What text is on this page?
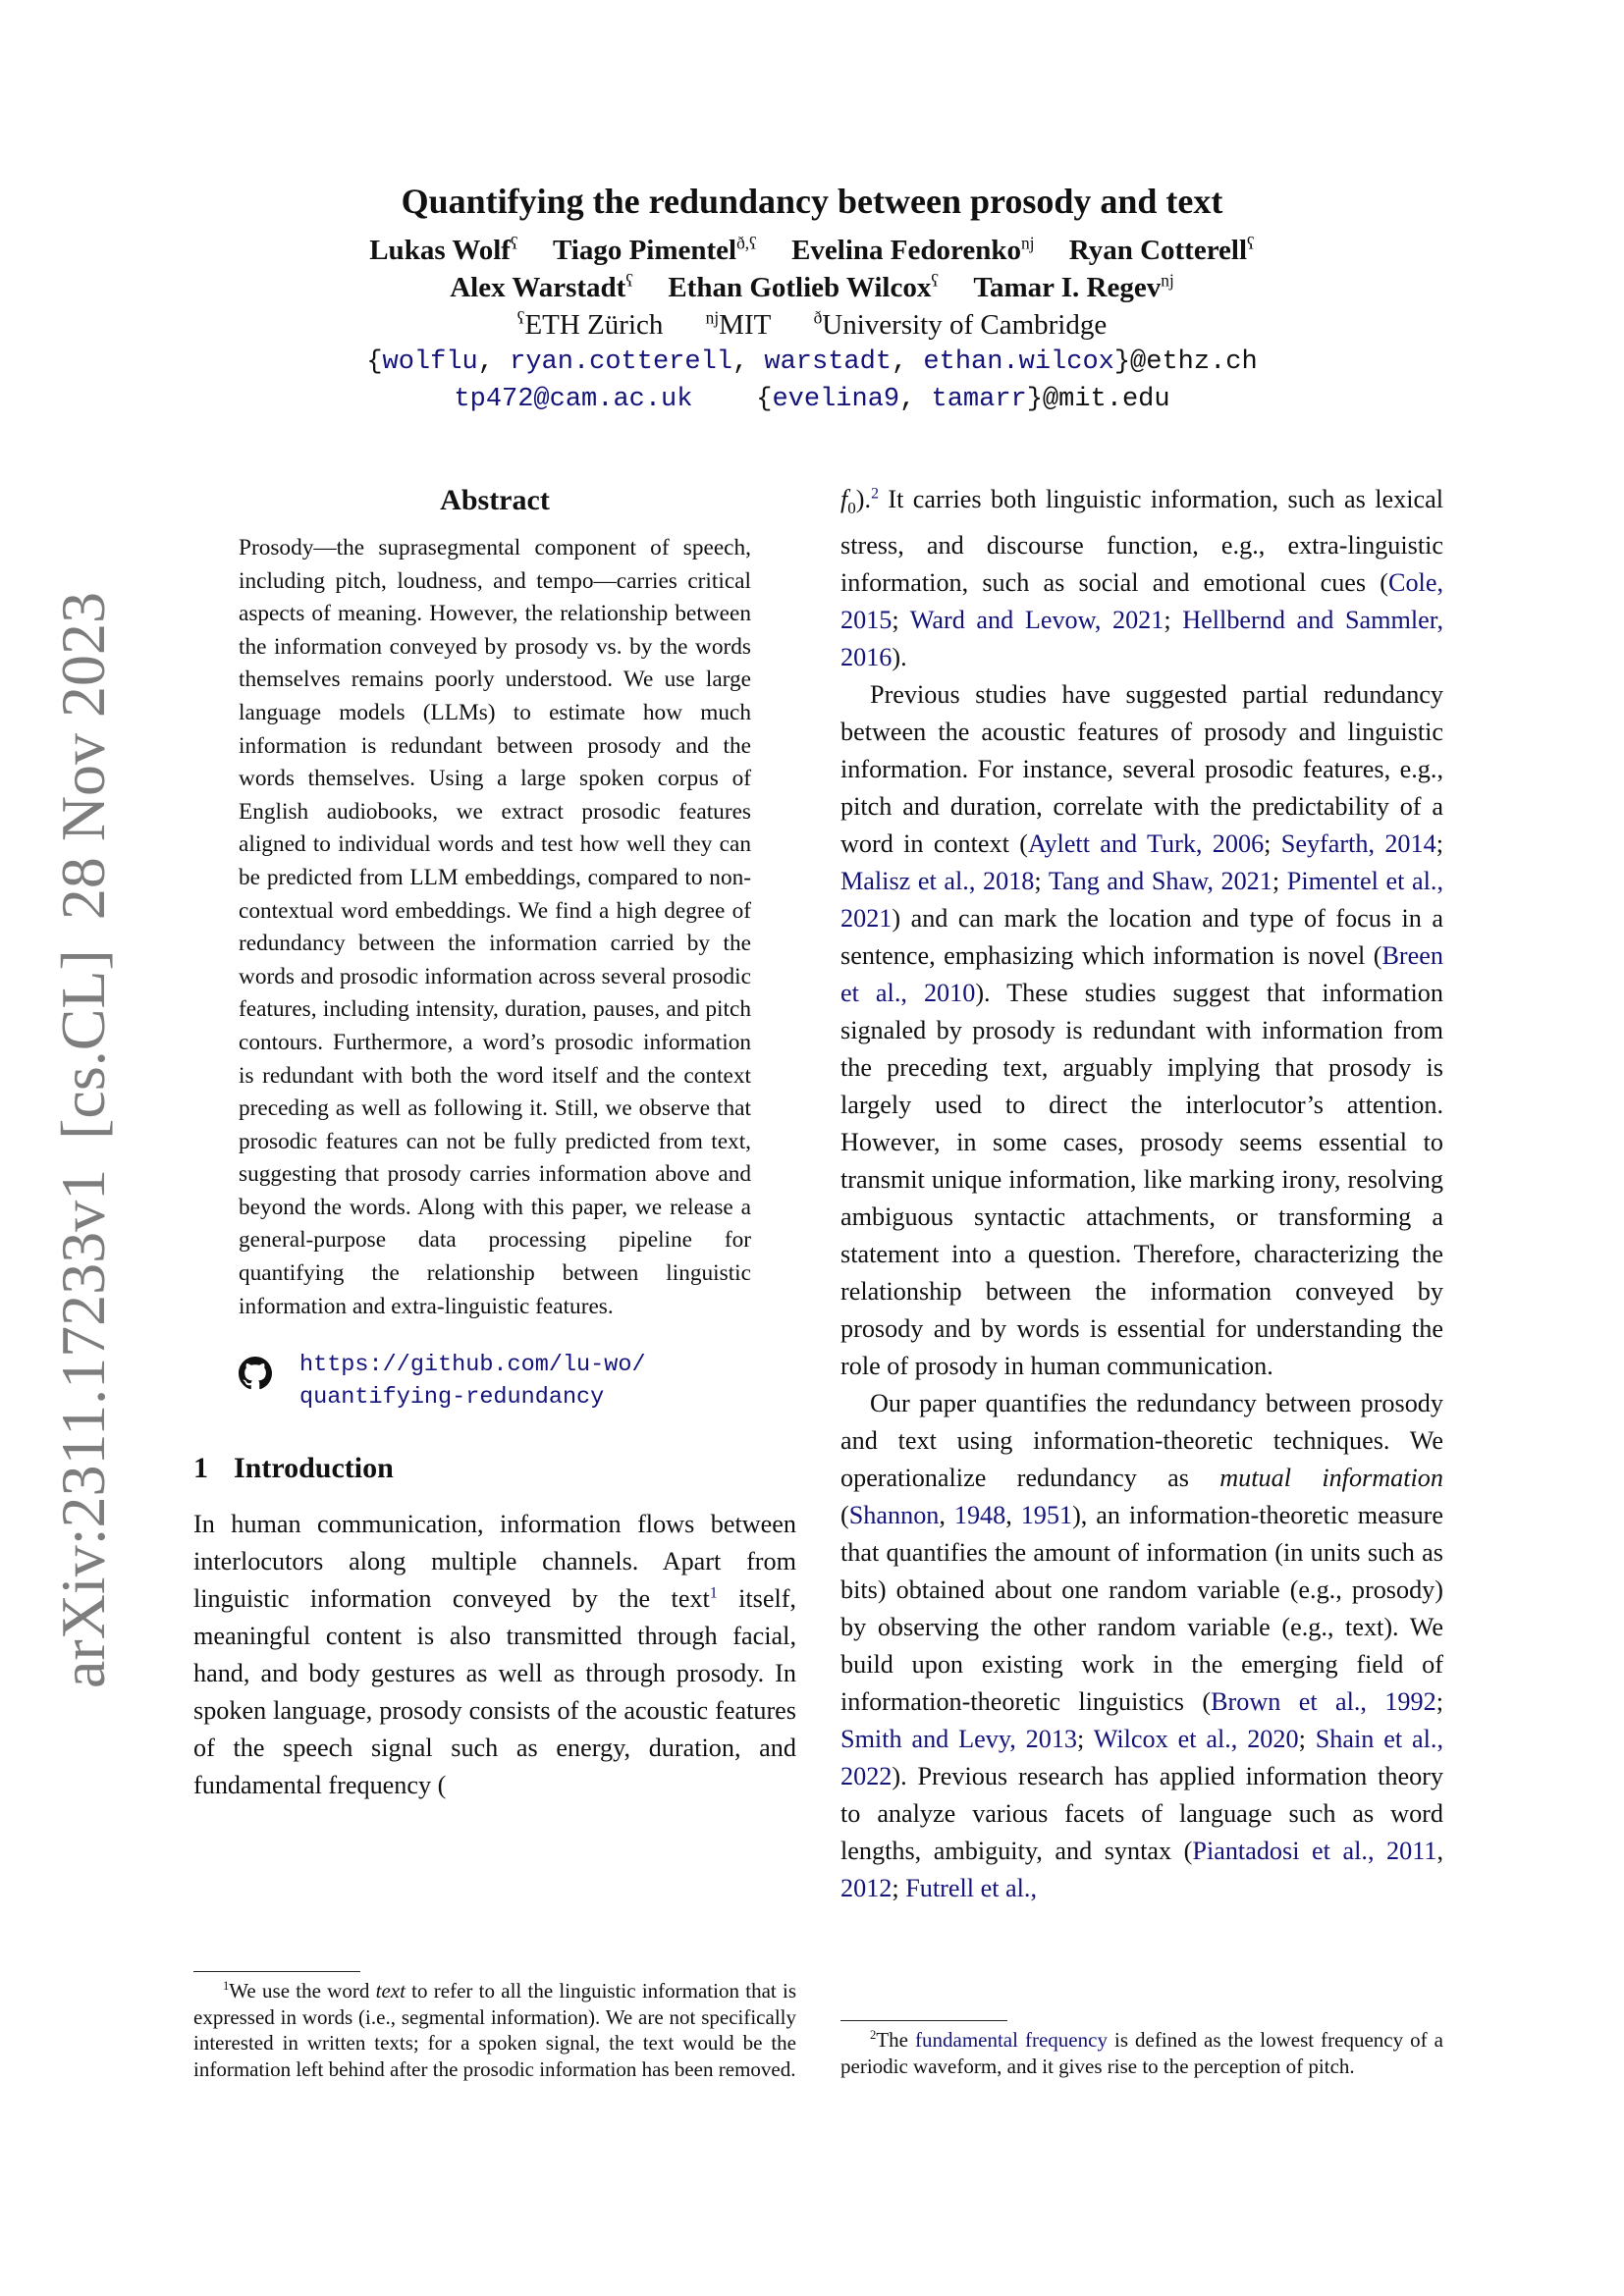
arXiv:2311.17233v1[cs.CL]28 Nov 2023
Quantifying the redundancy between prosody and text
Lukas Wolf$^ʕ$ Tiago Pimentel$^{ð,ʕ}$ Evelina Fedorenko$^ǌ$ Ryan Cotterell$^ʕ$
Alex Warstadt$^ʕ$ Ethan Gotlieb Wilcox$^ʕ$ Tamar I. Regev$^ǌ$
$^ʕ$ETH Zürich $^ǌ$MIT $^ð$University of Cambridge
{wolflu, ryan.cotterell, warstadt, ethan.wilcox}@ethz.ch
tp472@cam.ac.uk {evelina9, tamarr}@mit.edu
Abstract

Prosody—the suprasegmental component of speech, including pitch, loudness, and tempo—carries critical aspects of meaning. However, the relationship between the information conveyed by prosody vs. by the words themselves remains poorly understood. We use large language models (LLMs) to estimate how much information is redundant between prosody and the words themselves. Using a large spoken corpus of English audiobooks, we extract prosodic features aligned to individual words and test how well they can be predicted from LLM embeddings, compared to non-contextual word embeddings. We find a high degree of redundancy between the information carried by the words and prosodic information across several prosodic features, including intensity, duration, pauses, and pitch contours. Furthermore, a word’s prosodic information is redundant with both the word itself and the context preceding as well as following it. Still, we observe that prosodic features can not be fully predicted from text, suggesting that prosody carries information above and beyond the words. Along with this paper, we release a general-purpose data processing pipeline for quantifying the relationship between linguistic information and extra-linguistic features.

https://github.com/lu-wo/
quantifying-redundancy
1 Introduction

In human communication, information flows between interlocutors along multiple channels. Apart from linguistic information conveyed by the text$^1$ itself, meaningful content is also transmitted through facial, hand, and body gestures as well as through prosody. In spoken language, prosody consists of the acoustic features of the speech signal such as energy, duration, and fundamental frequency (

$^1$We use the word text to refer to all the linguistic information that is expressed in words (i.e., segmental information). We are not specifically interested in written texts; for a spoken signal, the text would be the information left behind after the prosodic information has been removed.

$f_0).^2$ It carries both linguistic information, such as lexical stress, and discourse function, e.g., extra-linguistic information, such as social and emotional cues (Cole, 2015; Ward and Levow, 2021; Hellbernd and Sammler, 2016).

Previous studies have suggested partial redundancy between the acoustic features of prosody and linguistic information. For instance, several prosodic features, e.g., pitch and duration, correlate with the predictability of a word in context (Aylett and Turk, 2006; Seyfarth, 2014; Malisz et al., 2018; Tang and Shaw, 2021; Pimentel et al., 2021) and can mark the location and type of focus in a sentence, emphasizing which information is novel (Breen et al., 2010). These studies suggest that information signaled by prosody is redundant with information from the preceding text, arguably implying that prosody is largely used to direct the interlocutor’s attention. However, in some cases, prosody seems essential to transmit unique information, like marking irony, resolving ambiguous syntactic attachments, or transforming a statement into a question. Therefore, characterizing the relationship between the information conveyed by prosody and by words is essential for understanding the role of prosody in human communication.

Our paper quantifies the redundancy between prosody and text using information-theoretic techniques. We operationalize redundancy as mutual information (Shannon, 1948, 1951), an information-theoretic measure that quantifies the amount of information (in units such as bits) obtained about one random variable (e.g., prosody) by observing the other random variable (e.g., text). We build upon existing work in the emerging field of information-theoretic linguistics (Brown et al., 1992; Smith and Levy, 2013; Wilcox et al., 2020; Shain et al., 2022). Previous research has applied information theory to analyze various facets of language such as word lengths, ambiguity, and syntax (Piantadosi et al., 2011, 2012; Futrell et al.,

$^2$The fundamental frequency is defined as the lowest frequency of a periodic waveform, and it gives rise to the perception of pitch.
